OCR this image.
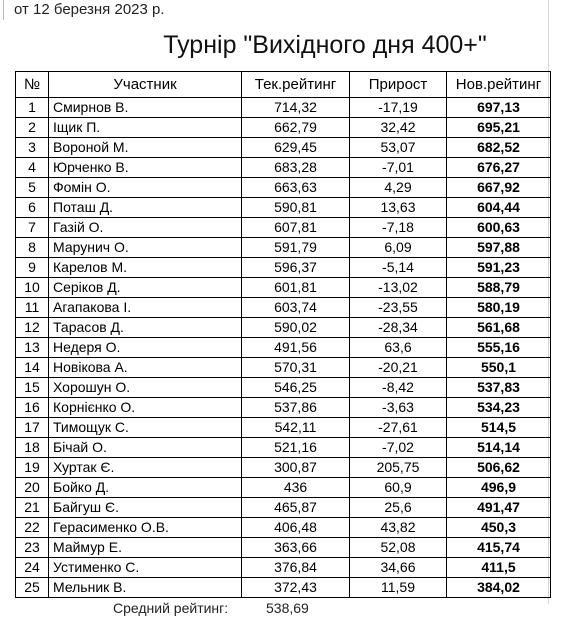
от 12 березня 2023 р.
Турнір "Вихідного дня 400+"
№	Участник	Тек.рейтинг	Прирост	Нов.рейтинг
1	Смирнов В.	714,32	-17,19	697,13
2	Іщик П.	662,79	32,42	695,21
3	Вороной М.	629,45	53,07	682,52
4	Юрченко В.	683,28	-7,01	676,27
5	Фомін О.	663,63	4,29	667,92
6	Поташ Д.	590,81	13,63	604,44
7	Газій О.	607,81	-7,18	600,63
8	Марунич О.	591,79	6,09	597,88
9	Карелов М.	596,37	-5,14	591,23
10	Серіков Д.	601,81	-13,02	588,79
11	Агапакова І.	603,74	-23,55	580,19
12	Тарасов Д.	590,02	-28,34	561,68
13	Недеря О.	491,56	63,6	555,16
14	Новікова А.	570,31	-20,21	550,1
15	Хорошун О.	546,25	-8,42	537,83
16	Корнієнко О.	537,86	-3,63	534,23
17	Тимощук С.	542,11	-27,61	514,5
18	Бічай О.	521,16	-7,02	514,14
19	Хуртак Є.	300,87	205,75	506,62
20	Бойко Д.	436	60,9	496,9
21	Байгуш Є.	465,87	25,6	491,47
22	Герасименко О.В.	406,48	43,82	450,3
23	Маймур Е.	363,66	52,08	415,74
24	Устименко С.	376,84	34,66	411,5
25	Мельник В.	372,43	11,59	384,02
Средний рейтинг:	538,69
